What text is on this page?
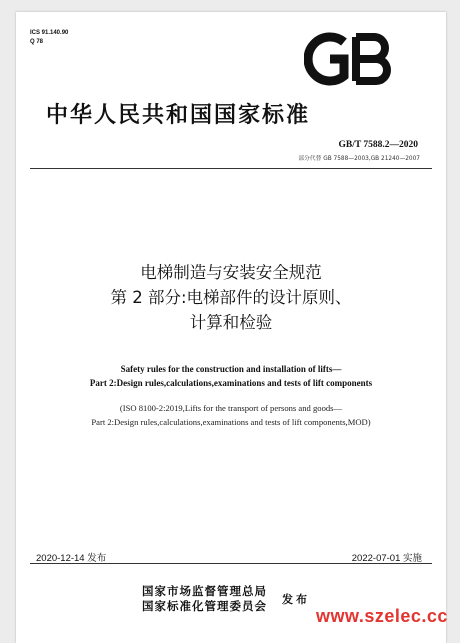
ICS 91.140.90
Q 78
中华人民共和国国家标准
GB/T 7588.2—2020
部分代替 GB 7588—2003,GB 21240—2007
电梯制造与安装安全规范
第 2 部分:电梯部件的设计原则、
计算和检验
Safety rules for the construction and installation of lifts—
Part 2:Design rules,calculations,examinations and tests of lift components
(ISO 8100-2:2019,Lifts for the transport of persons and goods—
Part 2:Design rules,calculations,examinations and tests of lift components,MOD)
2020-12-14 发布	2022-07-01 实施
国家市场监督管理总局
国家标准化管理委员会 发布
www.szelec.cc
